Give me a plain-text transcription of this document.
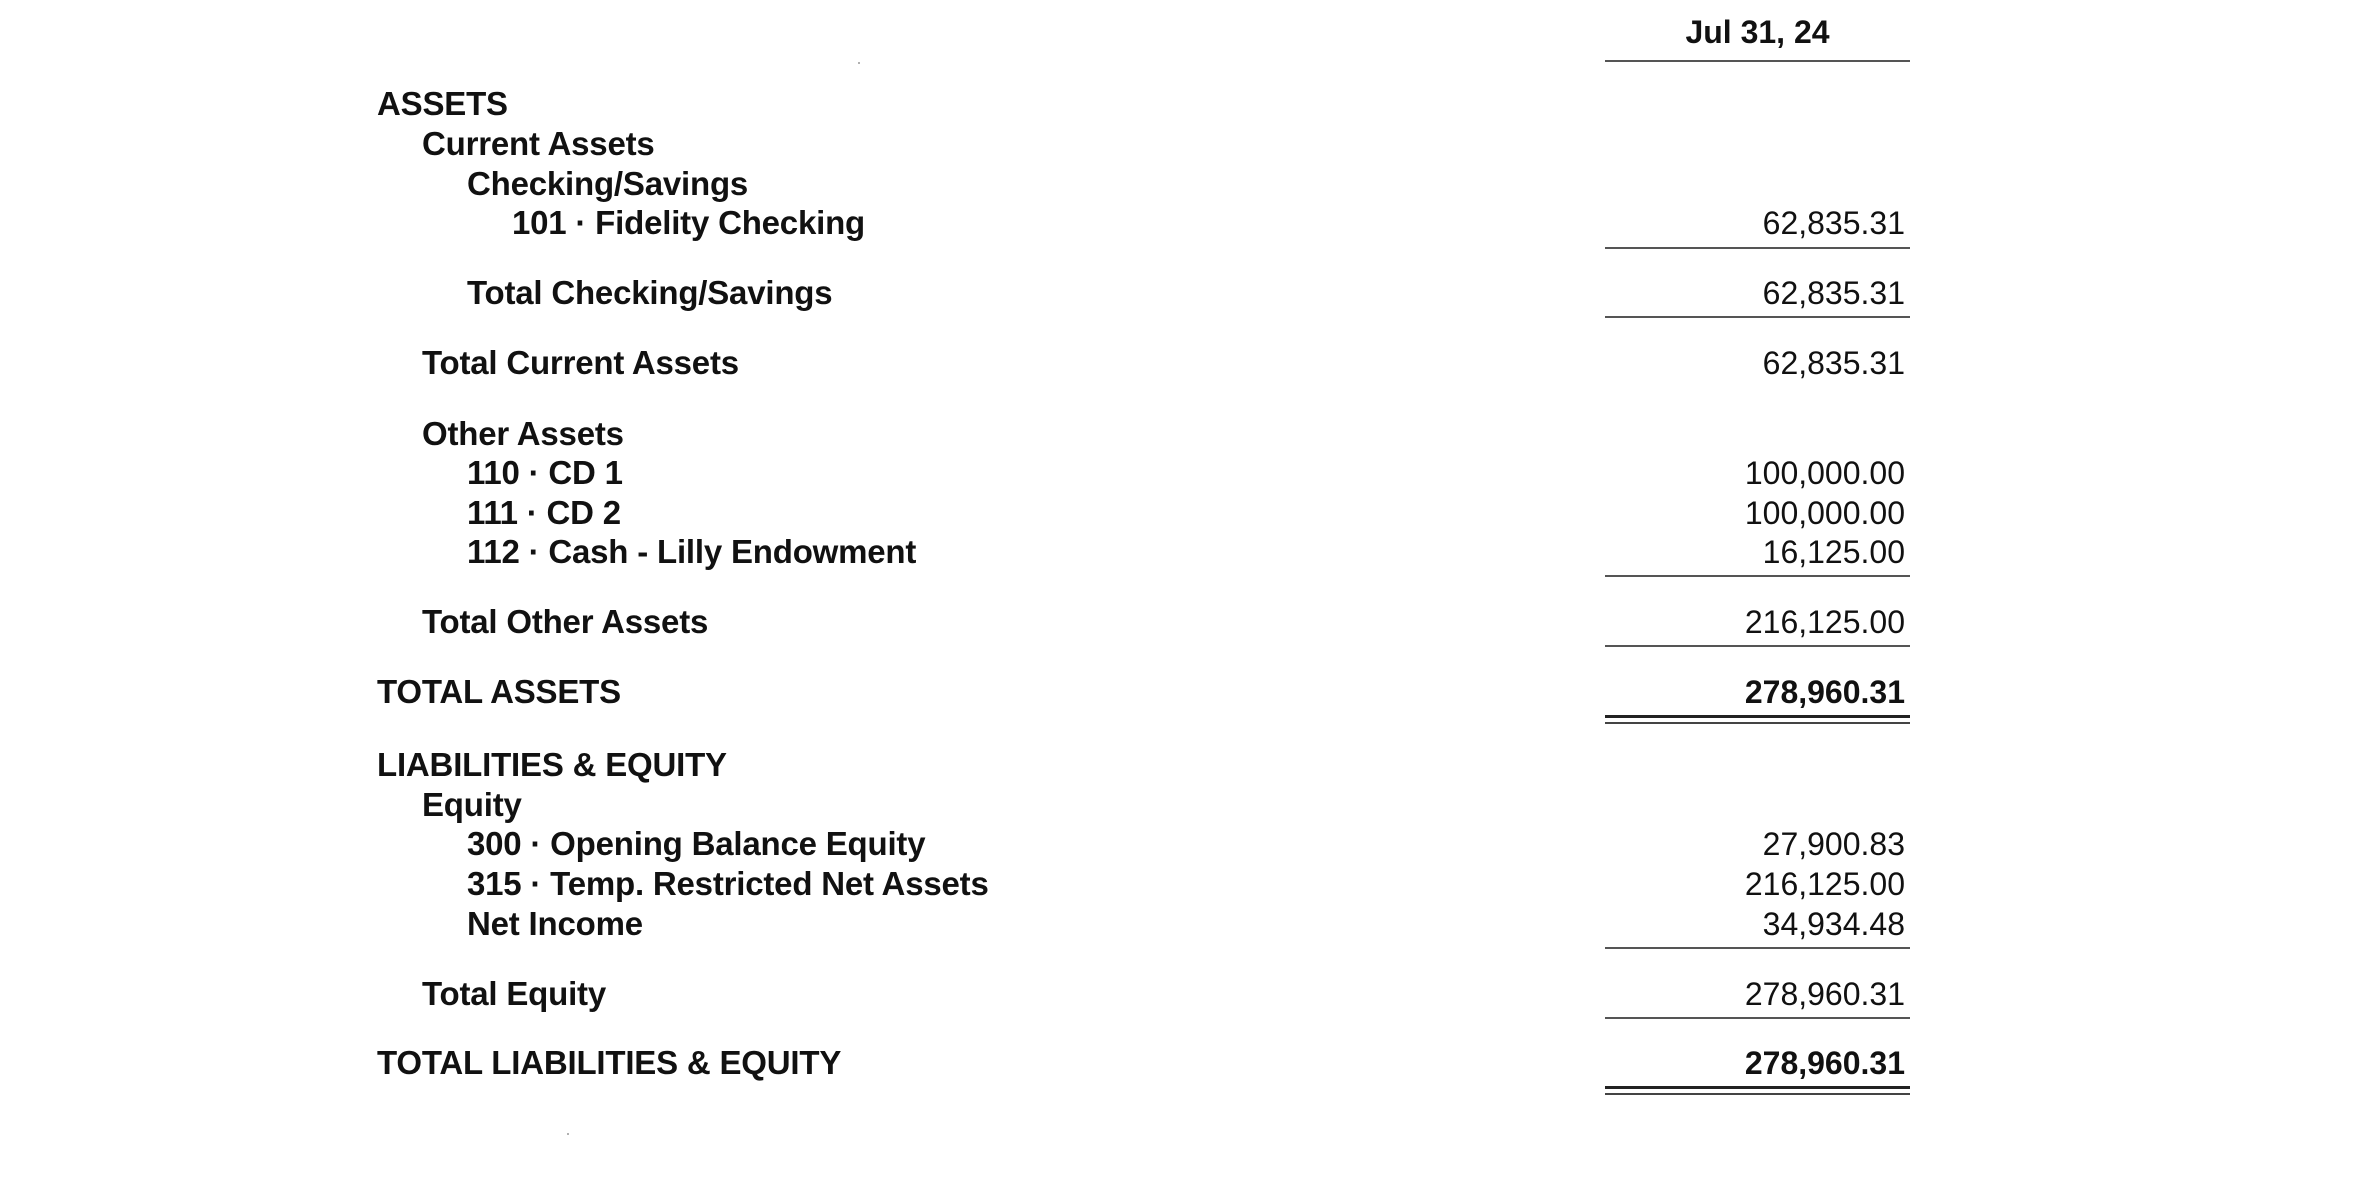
Jul 31, 24
ASSETS
Current Assets
Checking/Savings
101 · Fidelity Checking	62,835.31
Total Checking/Savings	62,835.31
Total Current Assets	62,835.31
Other Assets
110 · CD 1	100,000.00
111 · CD 2	100,000.00
112 · Cash - Lilly Endowment	16,125.00
Total Other Assets	216,125.00
TOTAL ASSETS	278,960.31
LIABILITIES & EQUITY
Equity
300 · Opening Balance Equity	27,900.83
315 · Temp. Restricted Net Assets	216,125.00
Net Income	34,934.48
Total Equity	278,960.31
TOTAL LIABILITIES & EQUITY	278,960.31
